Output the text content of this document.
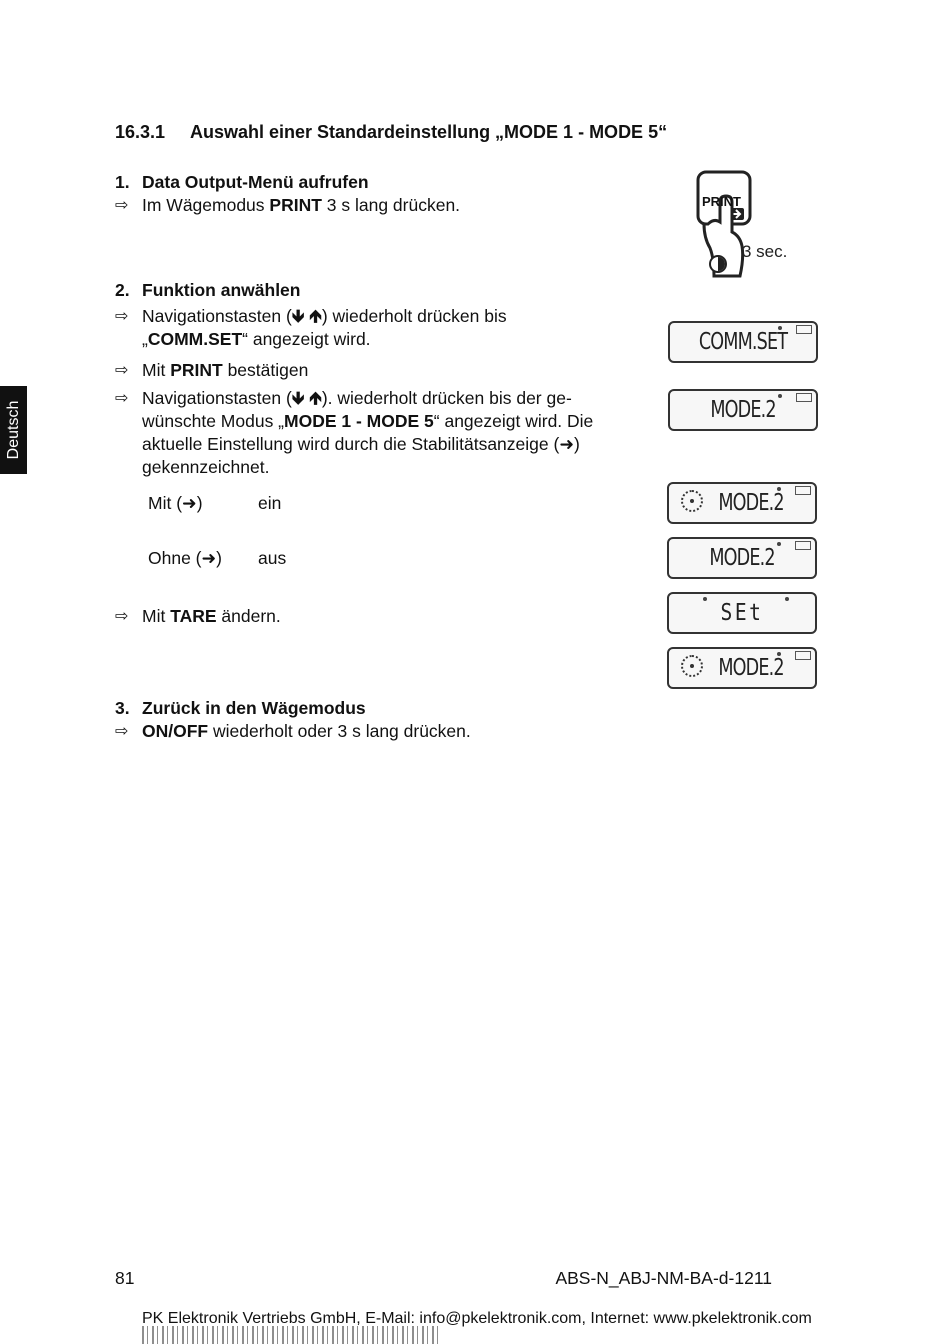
Deutsch
16.3.1 Auswahl einer Standardeinstellung „MODE 1 - MODE 5“
1. Data Output-Menü aufrufen
⇨ Im Wägemodus PRINT 3 s lang drücken.	PRINT
3 sec.
2. Funktion anwählen
⇨ Navigationstasten (🡻 🡹) wiederholt drücken bis
„COMM.SET“ angezeigt wird.
⇨ Mit PRINT bestätigen
⇨ Navigationstasten (🡻 🡹). wiederholt drücken bis der ge-
wünschte Modus „MODE 1 - MODE 5“ angezeigt wird. Die
aktuelle Einstellung wird durch die Stabilitätsanzeige (➜)
gekennzeichnet.
Mit (➜)	ein
Ohne (➜) aus
⇨ Mit TARE ändern.
3. Zurück in den Wägemodus
⇨ ON/OFF wiederholt oder 3 s lang drücken.
COMM.SET
MODE.2
MODE.2
MODE.2
SEt
MODE.2
81	ABS-N_ABJ-NM-BA-d-1211
PK Elektronik Vertriebs GmbH, E-Mail: info@pkelektronik.com, Internet: www.pkelektronik.com
